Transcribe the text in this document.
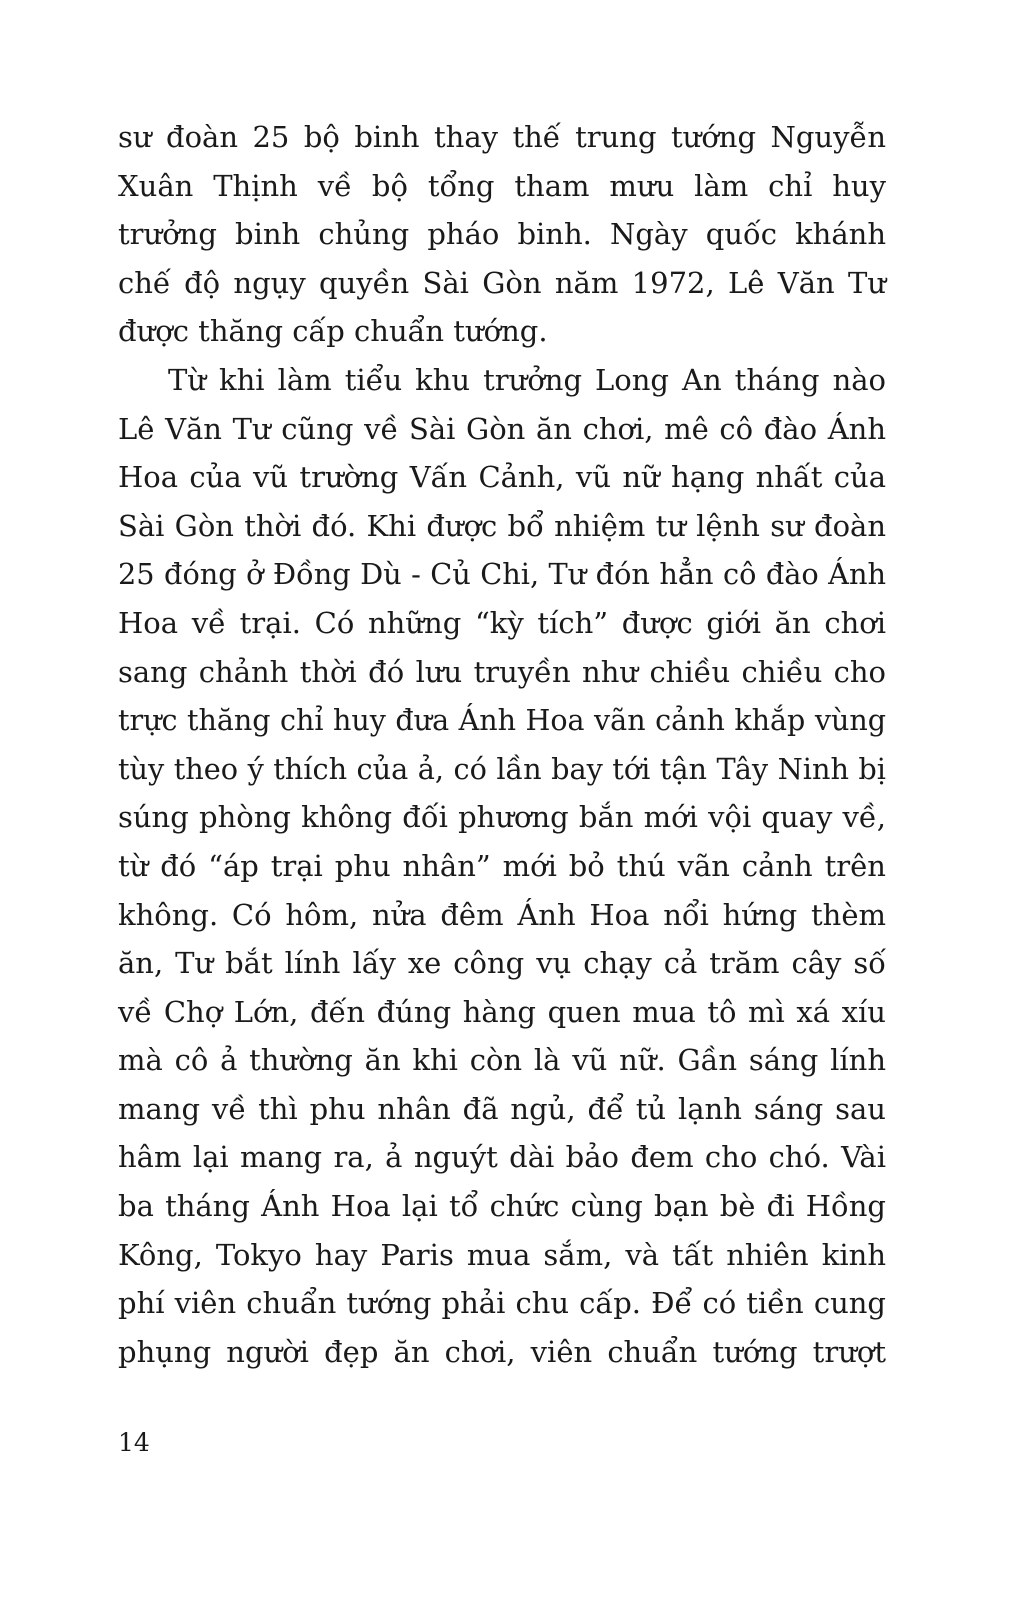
sư đoàn 25 bộ binh thay thế trung tướng Nguyễn
Xuân Thịnh về bộ tổng tham mưu làm chỉ huy
trưởng binh chủng pháo binh. Ngày quốc khánh
chế độ ngụy quyền Sài Gòn năm 1972, Lê Văn Tư
được thăng cấp chuẩn tướng.

Từ khi làm tiểu khu trưởng Long An tháng nào
Lê Văn Tư cũng về Sài Gòn ăn chơi, mê cô đào Ánh
Hoa của vũ trường Vấn Cảnh, vũ nữ hạng nhất của
Sài Gòn thời đó. Khi được bổ nhiệm tư lệnh sư đoàn
25 đóng ở Đồng Dù - Củ Chi, Tư đón hẳn cô đào Ánh
Hoa về trại. Có những “kỳ tích” được giới ăn chơi
sang chảnh thời đó lưu truyền như chiều chiều cho
trực thăng chỉ huy đưa Ánh Hoa vãn cảnh khắp vùng
tùy theo ý thích của ả, có lần bay tới tận Tây Ninh bị
súng phòng không đối phương bắn mới vội quay về,
từ đó “áp trại phu nhân” mới bỏ thú vãn cảnh trên
không. Có hôm, nửa đêm Ánh Hoa nổi hứng thèm
ăn, Tư bắt lính lấy xe công vụ chạy cả trăm cây số
về Chợ Lớn, đến đúng hàng quen mua tô mì xá xíu
mà cô ả thường ăn khi còn là vũ nữ. Gần sáng lính
mang về thì phu nhân đã ngủ, để tủ lạnh sáng sau
hâm lại mang ra, ả nguýt dài bảo đem cho chó. Vài
ba tháng Ánh Hoa lại tổ chức cùng bạn bè đi Hồng
Kông, Tokyo hay Paris mua sắm, và tất nhiên kinh
phí viên chuẩn tướng phải chu cấp. Để có tiền cung
phụng người đẹp ăn chơi, viên chuẩn tướng trượt

14
